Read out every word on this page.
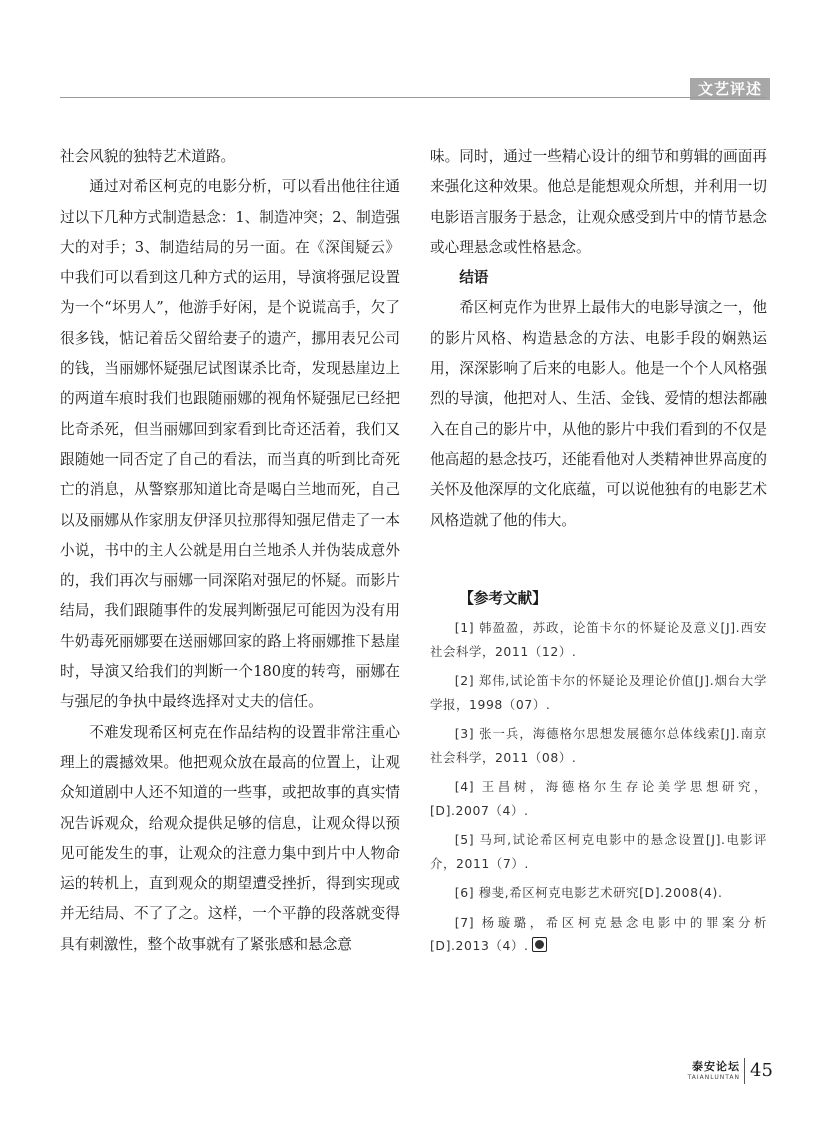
文艺评述

社会风貌的独特艺术道路。

通过对希区柯克的电影分析，可以看出他往往通过以下几种方式制造悬念：1、制造冲突；2、制造强大的对手；3、制造结局的另一面。在《深闺疑云》中我们可以看到这几种方式的运用，导演将强尼设置为一个“坏男人”，他游手好闲，是个说谎高手，欠了很多钱，惦记着岳父留给妻子的遗产，挪用表兄公司的钱，当丽娜怀疑强尼试图谋杀比奇，发现悬崖边上的两道车痕时我们也跟随丽娜的视角怀疑强尼已经把比奇杀死，但当丽娜回到家看到比奇还活着，我们又跟随她一同否定了自己的看法，而当真的听到比奇死亡的消息，从警察那知道比奇是喝白兰地而死，自己以及丽娜从作家朋友伊泽贝拉那得知强尼借走了一本小说，书中的主人公就是用白兰地杀人并伪装成意外的，我们再次与丽娜一同深陷对强尼的怀疑。而影片结局，我们跟随事件的发展判断强尼可能因为没有用牛奶毒死丽娜要在送丽娜回家的路上将丽娜推下悬崖时，导演又给我们的判断一个180度的转弯，丽娜在与强尼的争执中最终选择对丈夫的信任。

不难发现希区柯克在作品结构的设置非常注重心理上的震撼效果。他把观众放在最高的位置上，让观众知道剧中人还不知道的一些事，或把故事的真实情况告诉观众，给观众提供足够的信息，让观众得以预见可能发生的事，让观众的注意力集中到片中人物命运的转机上，直到观众的期望遭受挫折，得到实现或并无结局、不了了之。这样，一个平静的段落就变得具有刺激性，整个故事就有了紧张感和悬念意

味。同时，通过一些精心设计的细节和剪辑的画面再来强化这种效果。他总是能想观众所想，并利用一切电影语言服务于悬念，让观众感受到片中的情节悬念或心理悬念或性格悬念。

结语

希区柯克作为世界上最伟大的电影导演之一，他的影片风格、构造悬念的方法、电影手段的娴熟运用，深深影响了后来的电影人。他是一个个人风格强烈的导演，他把对人、生活、金钱、爱情的想法都融入在自己的影片中，从他的影片中我们看到的不仅是他高超的悬念技巧，还能看他对人类精神世界高度的关怀及他深厚的文化底蕴，可以说他独有的电影艺术风格造就了他的伟大。

【参考文献】

[1] 韩盈盈，苏政，论笛卡尔的怀疑论及意义[J].西安社会科学，2011（12）.

[2] 郑伟,试论笛卡尔的怀疑论及理论价值[J].烟台大学学报，1998（07）.

[3] 张一兵，海德格尔思想发展德尔总体线索[J].南京社会科学，2011（08）.

[4] 王昌树，海德格尔生存论美学思想研究，[D].2007（4）.

[5] 马珂,试论希区柯克电影中的悬念设置[J].电影评介，2011（7）.

[6] 穆斐,希区柯克电影艺术研究[D].2008(4).

[7] 杨璇璐，希区柯克悬念电影中的罪案分析[D].2013（4）.

泰安论坛
TAIANLUNTAN 45
